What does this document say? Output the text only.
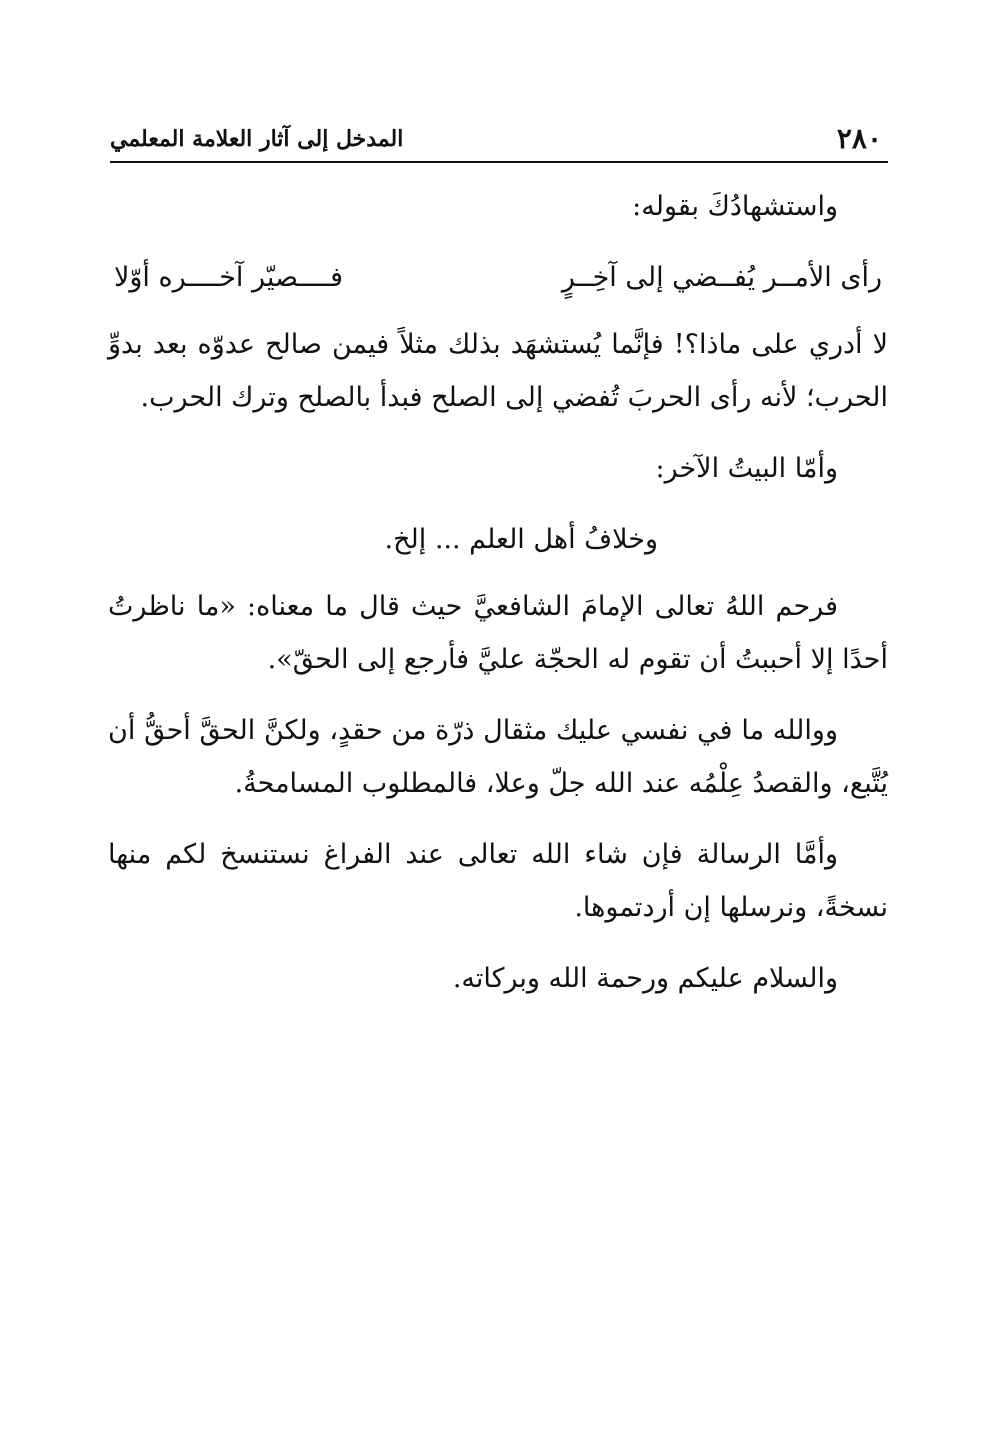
٢٨٠
المدخل إلى آثار العلامة المعلمي

واستشهادُكَ بقوله:

رأى الأمــر يُفــضي إلى آخِــرٍ
فــــصيّر آخــــره أوّلا

لا أدري على ماذا؟! فإنَّما يُستشهَد بذلك مثلاً فيمن صالح عدوّه بعد بدوِّ الحرب؛ لأنه رأى الحربَ تُفضي إلى الصلح فبدأ بالصلح وترك الحرب.

وأمّا البيتُ الآخر:

وخلافُ أهل العلم ... إلخ.

فرحم اللهُ تعالى الإمامَ الشافعيَّ حيث قال ما معناه: «ما ناظرتُ أحدًا إلا أحببتُ أن تقوم له الحجّة عليَّ فأرجع إلى الحقّ».

ووالله ما في نفسي عليك مثقال ذرّة من حقدٍ، ولكنَّ الحقَّ أحقُّ أن يُتَّبع، والقصدُ عِلْمُه عند الله جلّ وعلا، فالمطلوب المسامحةُ.

وأمَّا الرسالة فإن شاء الله تعالى عند الفراغ نستنسخ لكم منها نسخةً، ونرسلها إن أردتموها.

والسلام عليكم ورحمة الله وبركاته.
